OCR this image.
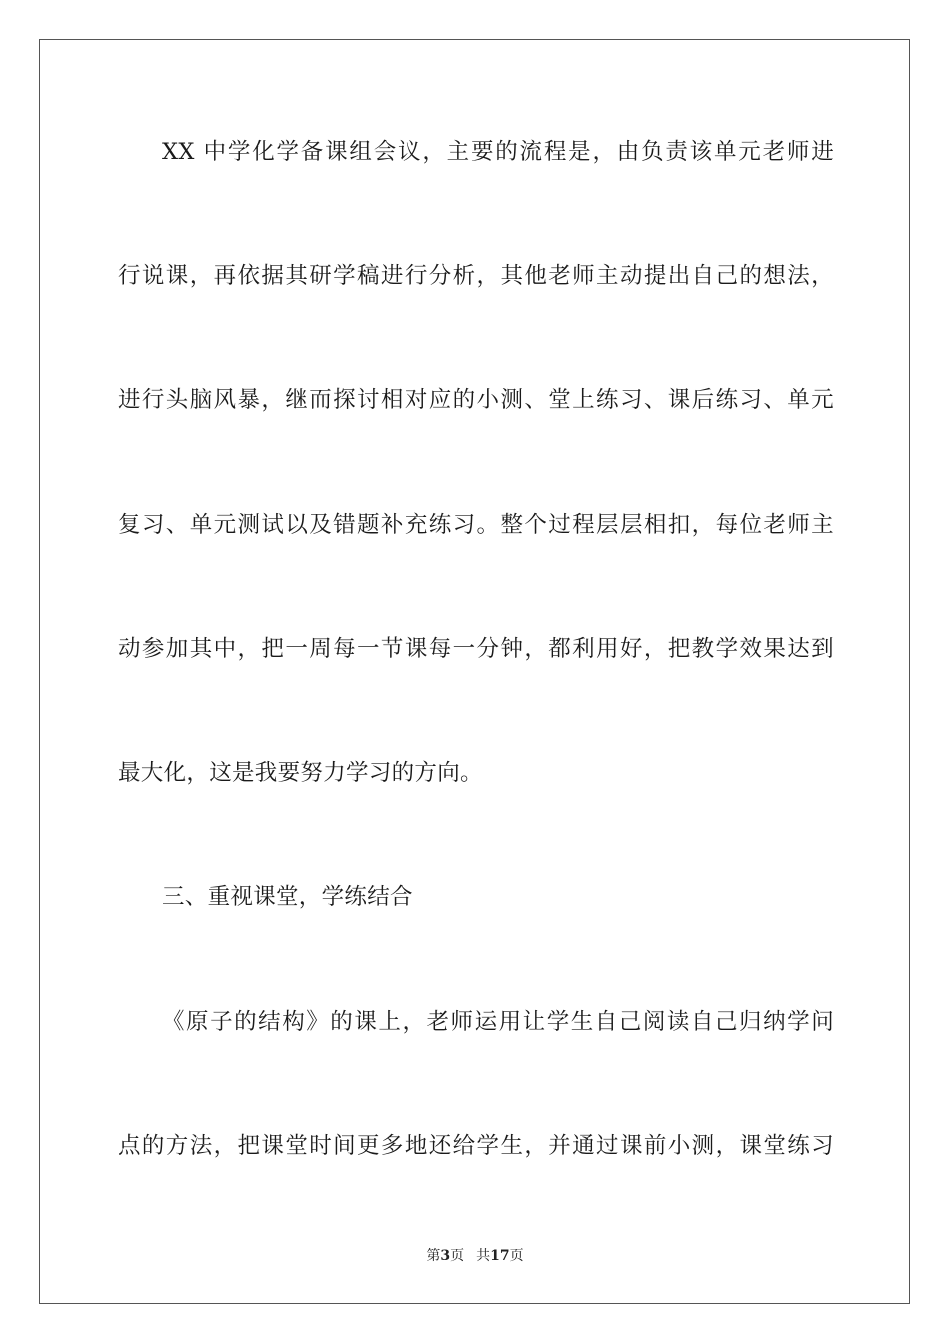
XX 中学化学备课组会议，主要的流程是，由负责该单元老师进
行说课，再依据其研学稿进行分析，其他老师主动提出自己的想法，
进行头脑风暴，继而探讨相对应的小测、堂上练习、课后练习、单元
复习、单元测试以及错题补充练习。整个过程层层相扣，每位老师主
动参加其中，把一周每一节课每一分钟，都利用好，把教学效果达到
最大化，这是我要努力学习的方向。
三、重视课堂，学练结合
《原子的结构》的课上，老师运用让学生自己阅读自己归纳学问
点的方法，把课堂时间更多地还给学生，并通过课前小测，课堂练习
第3页 共17页
